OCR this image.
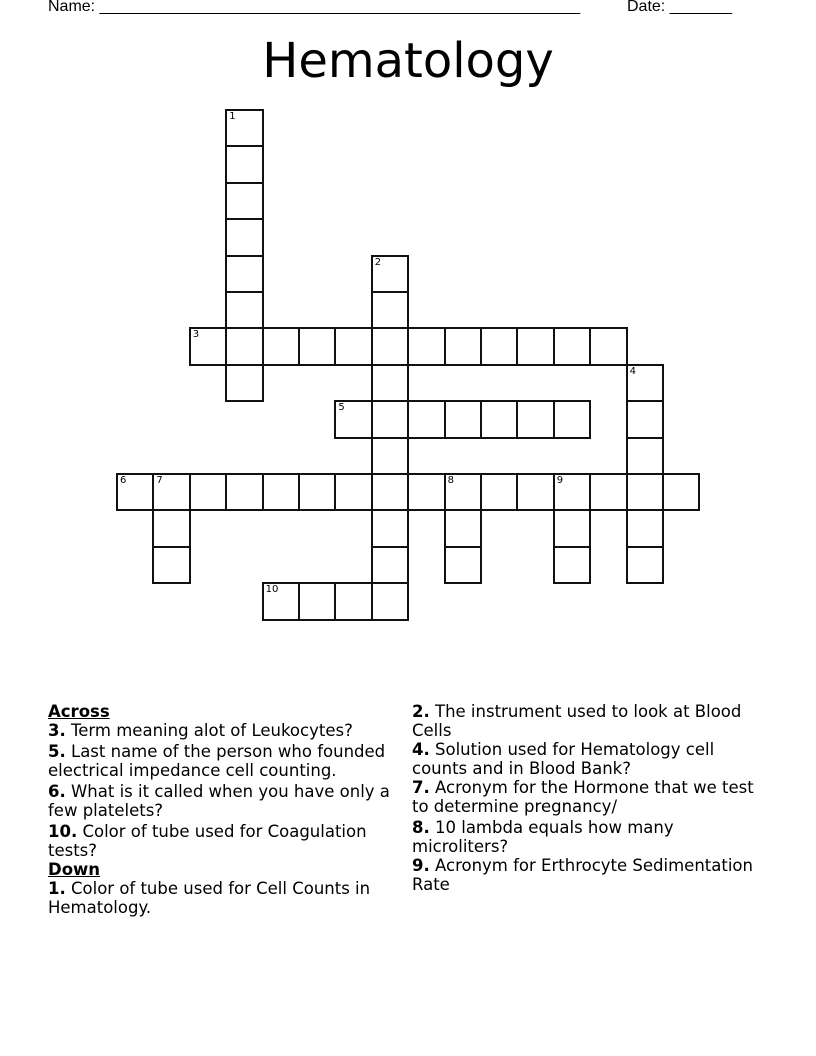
Name: ______________________________________________________	Date: _______
Hematology
1
2
3
4
5
6	7	8	9
10
Across
3. Term meaning alot of Leukocytes?
5. Last name of the person who founded electrical impedance cell counting.
6. What is it called when you have only a few platelets?
10. Color of tube used for Coagulation tests?
Down
1. Color of tube used for Cell Counts in Hematology.
2. The instrument used to look at Blood Cells
4. Solution used for Hematology cell counts and in Blood Bank?
7. Acronym for the Hormone that we test to determine pregnancy/
8. 10 lambda equals how many microliters?
9. Acronym for Erthrocyte Sedimentation Rate
